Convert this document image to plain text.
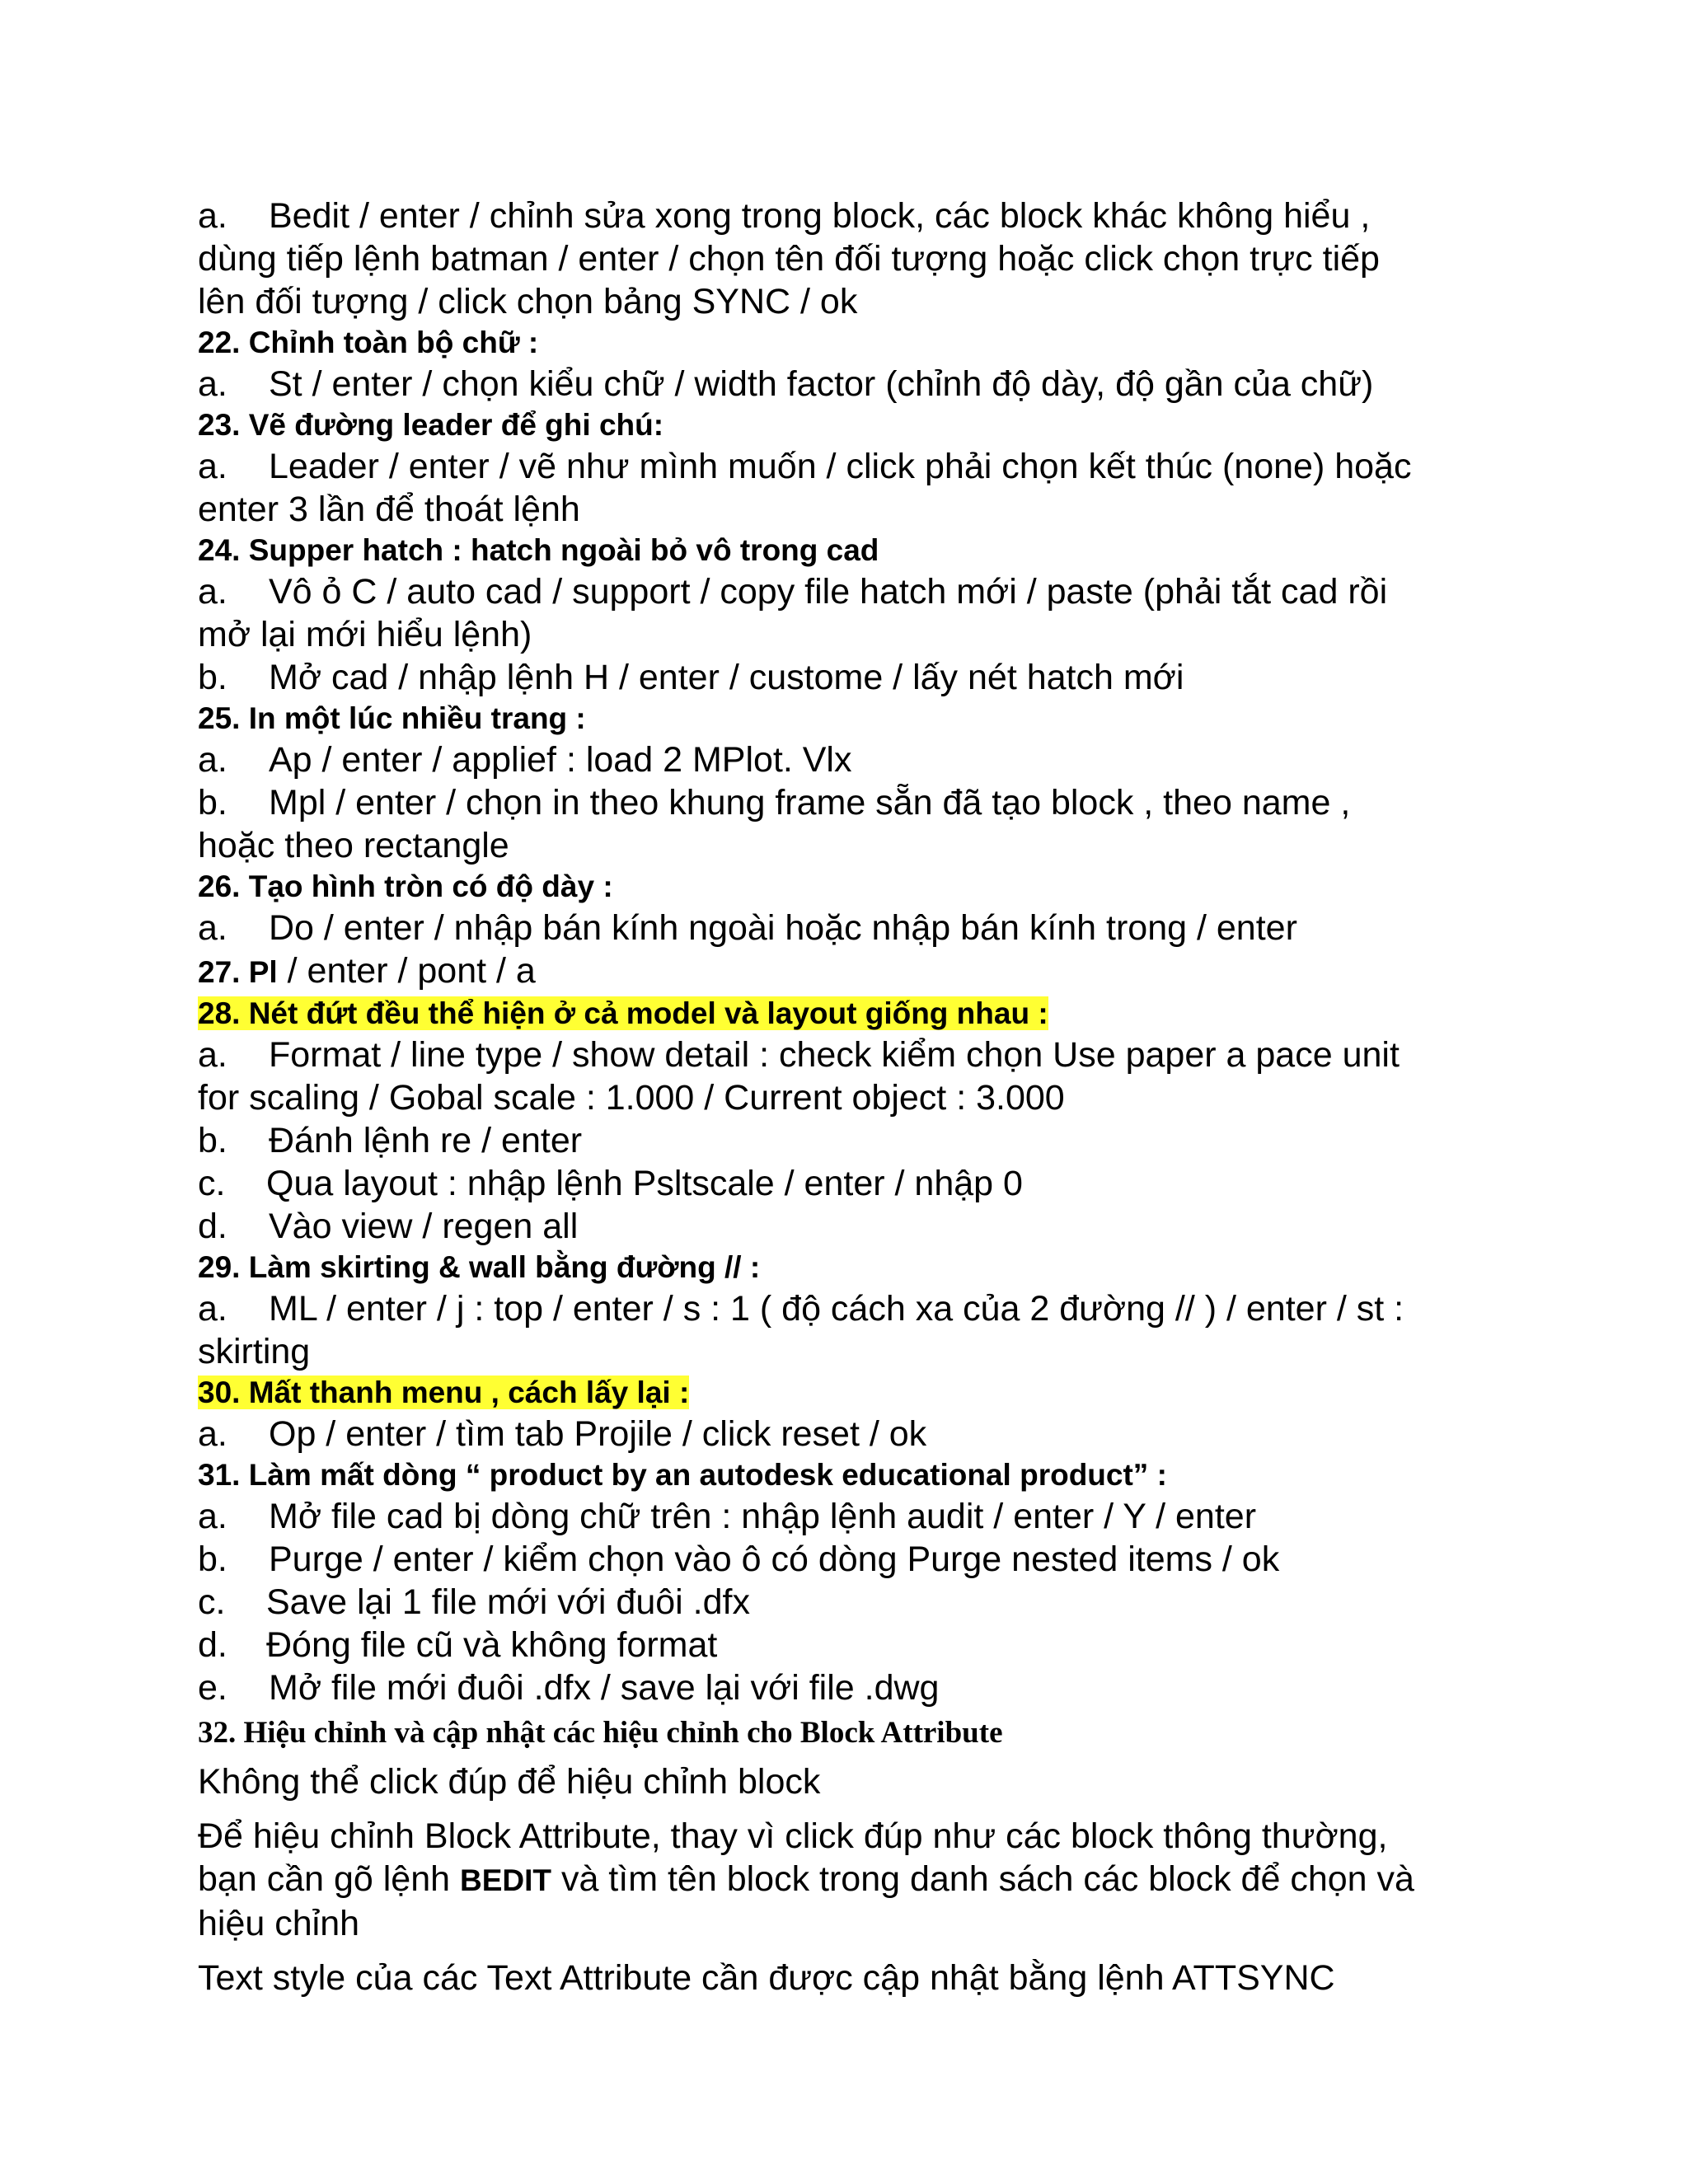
a. Bedit / enter / chỉnh sửa xong trong block, các block khác không hiểu ,
dùng tiếp lệnh batman / enter / chọn tên đối tượng hoặc click chọn trực tiếp
lên đối tượng / click chọn bảng SYNC / ok
22. Chỉnh toàn bộ chữ :
a. St / enter / chọn kiểu chữ / width factor (chỉnh độ dày, độ gần của chữ)
23. Vẽ đường leader để ghi chú:
a. Leader / enter / vẽ như mình muốn / click phải chọn kết thúc (none) hoặc
enter 3 lần để thoát lệnh
24. Supper hatch : hatch ngoài bỏ vô trong cad
a. Vô ỏ C / auto cad / support / copy file hatch mới / paste (phải tắt cad rồi
mở lại mới hiểu lệnh)
b. Mở cad / nhập lệnh H / enter / custome / lấy nét hatch mới
25. In một lúc nhiều trang :
a. Ap / enter / applief : load 2 MPlot. Vlx
b. Mpl / enter / chọn in theo khung frame sẵn đã tạo block , theo name ,
hoặc theo rectangle
26. Tạo hình tròn có độ dày :
a. Do / enter / nhập bán kính ngoài hoặc nhập bán kính trong / enter
27. Pl / enter / pont / a
28. Nét đứt đều thể hiện ở cả model và layout giống nhau :
a. Format / line type / show detail : check kiểm chọn Use paper a pace unit
for scaling / Gobal scale : 1.000 / Current object : 3.000
b. Đánh lệnh re / enter
c. Qua layout : nhập lệnh Psltscale / enter / nhập 0
d. Vào view / regen all
29. Làm skirting & wall bằng đường // :
a. ML / enter / j : top / enter / s : 1 ( độ cách xa của 2 đường // ) / enter / st :
skirting
30. Mất thanh menu , cách lấy lại :
a. Op / enter / tìm tab Projile / click reset / ok
31. Làm mất dòng “ product by an autodesk educational product” :
a. Mở file cad bị dòng chữ trên : nhập lệnh audit / enter / Y / enter
b. Purge / enter / kiểm chọn vào ô có dòng Purge nested items / ok
c. Save lại 1 file mới với đuôi .dfx
d. Đóng file cũ và không format
e. Mở file mới đuôi .dfx / save lại với file .dwg
32. Hiệu chỉnh và cập nhật các hiệu chỉnh cho Block Attribute
Không thể click đúp để hiệu chỉnh block
Để hiệu chỉnh Block Attribute, thay vì click đúp như các block thông thường,
bạn cần gõ lệnh BEDIT và tìm tên block trong danh sách các block để chọn và
hiệu chỉnh
Text style của các Text Attribute cần được cập nhật bằng lệnh ATTSYNC
